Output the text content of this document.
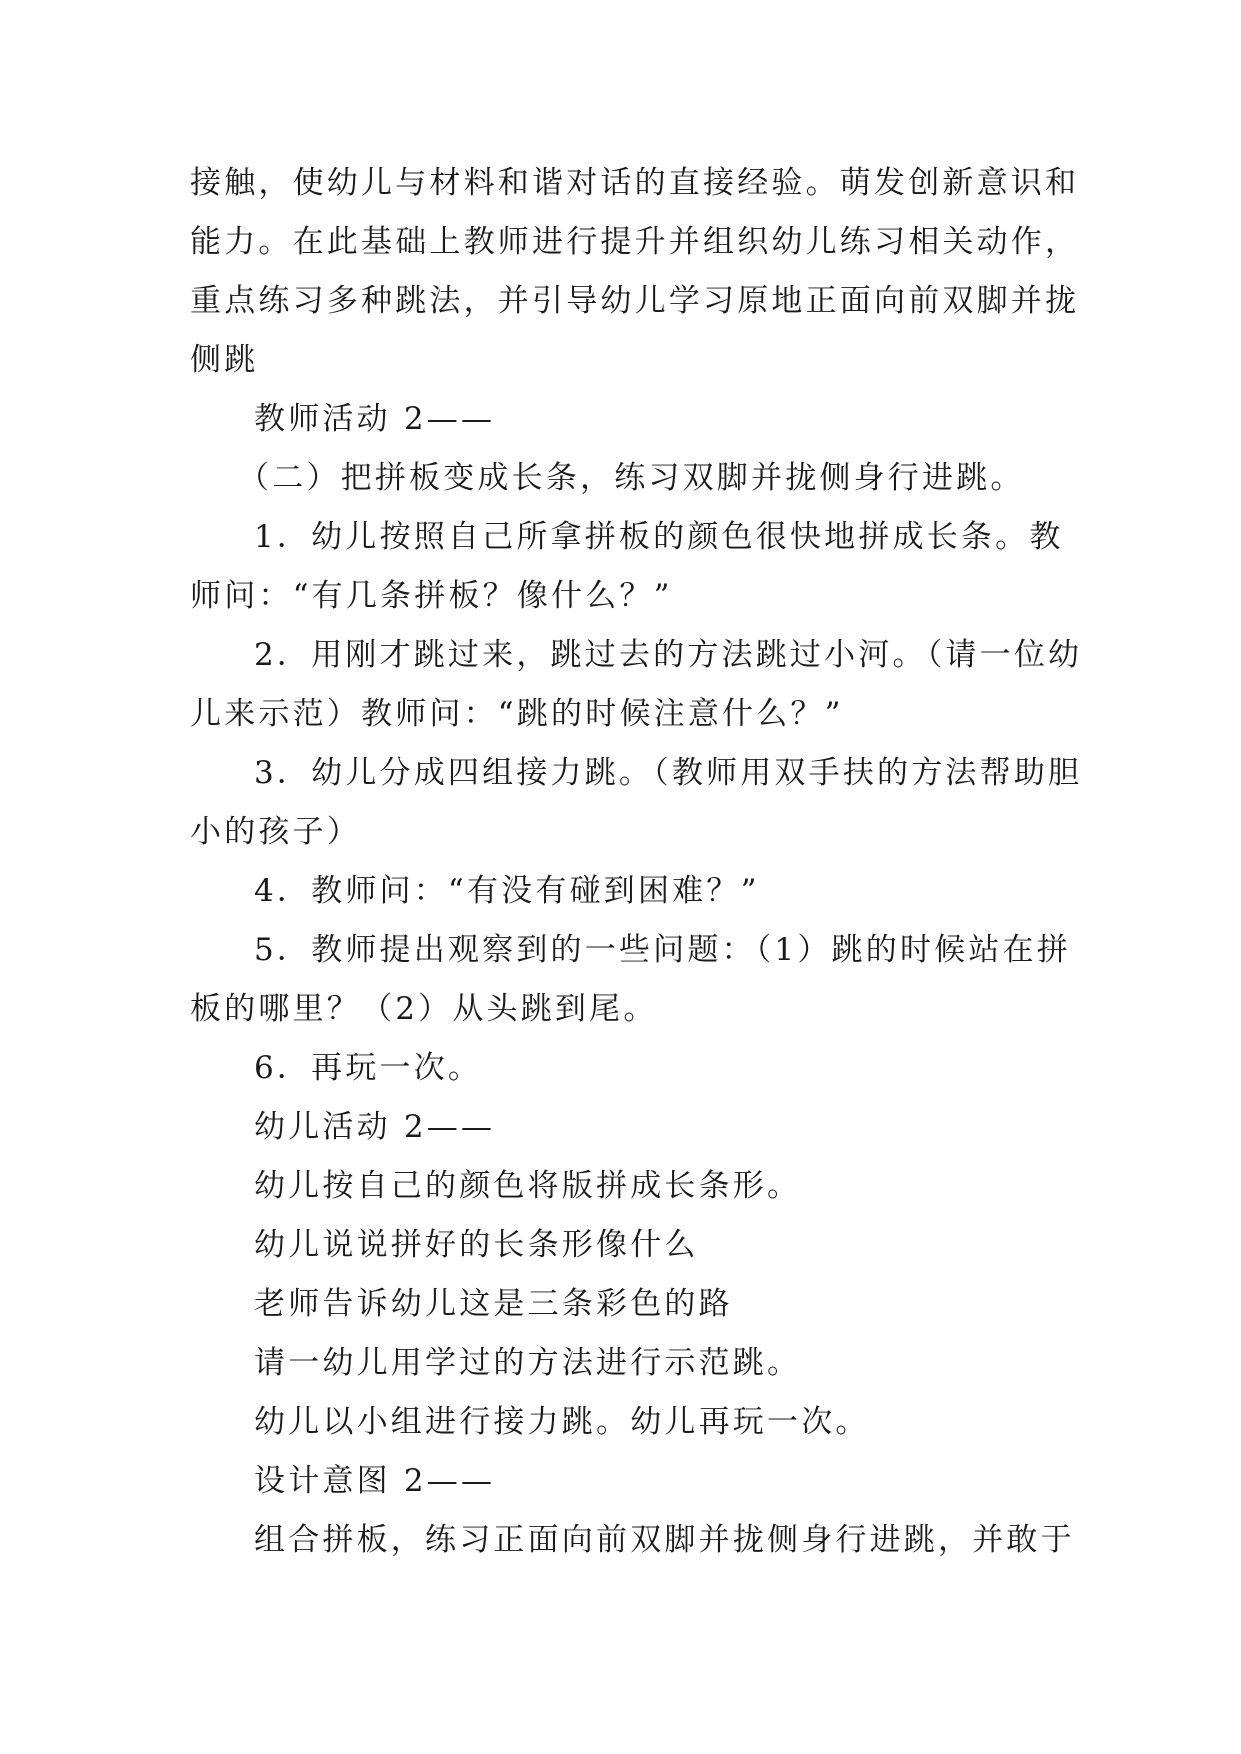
接触，使幼儿与材料和谐对话的直接经验。萌发创新意识和
能力。在此基础上教师进行提升并组织幼儿练习相关动作，
重点练习多种跳法，并引导幼儿学习原地正面向前双脚并拢
侧跳
教师活动 2——
（二）把拼板变成长条，练习双脚并拢侧身行进跳。
1．幼儿按照自己所拿拼板的颜色很快地拼成长条。教
师问：“有几条拼板？像什么？”
2．用刚才跳过来，跳过去的方法跳过小河。（请一位幼
儿来示范）教师问：“跳的时候注意什么？”
3．幼儿分成四组接力跳。（教师用双手扶的方法帮助胆
小的孩子）
4．教师问：“有没有碰到困难？”
5．教师提出观察到的一些问题：（1）跳的时候站在拼
板的哪里？（2）从头跳到尾。
6．再玩一次。
幼儿活动 2——
幼儿按自己的颜色将版拼成长条形。
幼儿说说拼好的长条形像什么
老师告诉幼儿这是三条彩色的路
请一幼儿用学过的方法进行示范跳。
幼儿以小组进行接力跳。幼儿再玩一次。
设计意图 2——
组合拼板，练习正面向前双脚并拢侧身行进跳，并敢于
